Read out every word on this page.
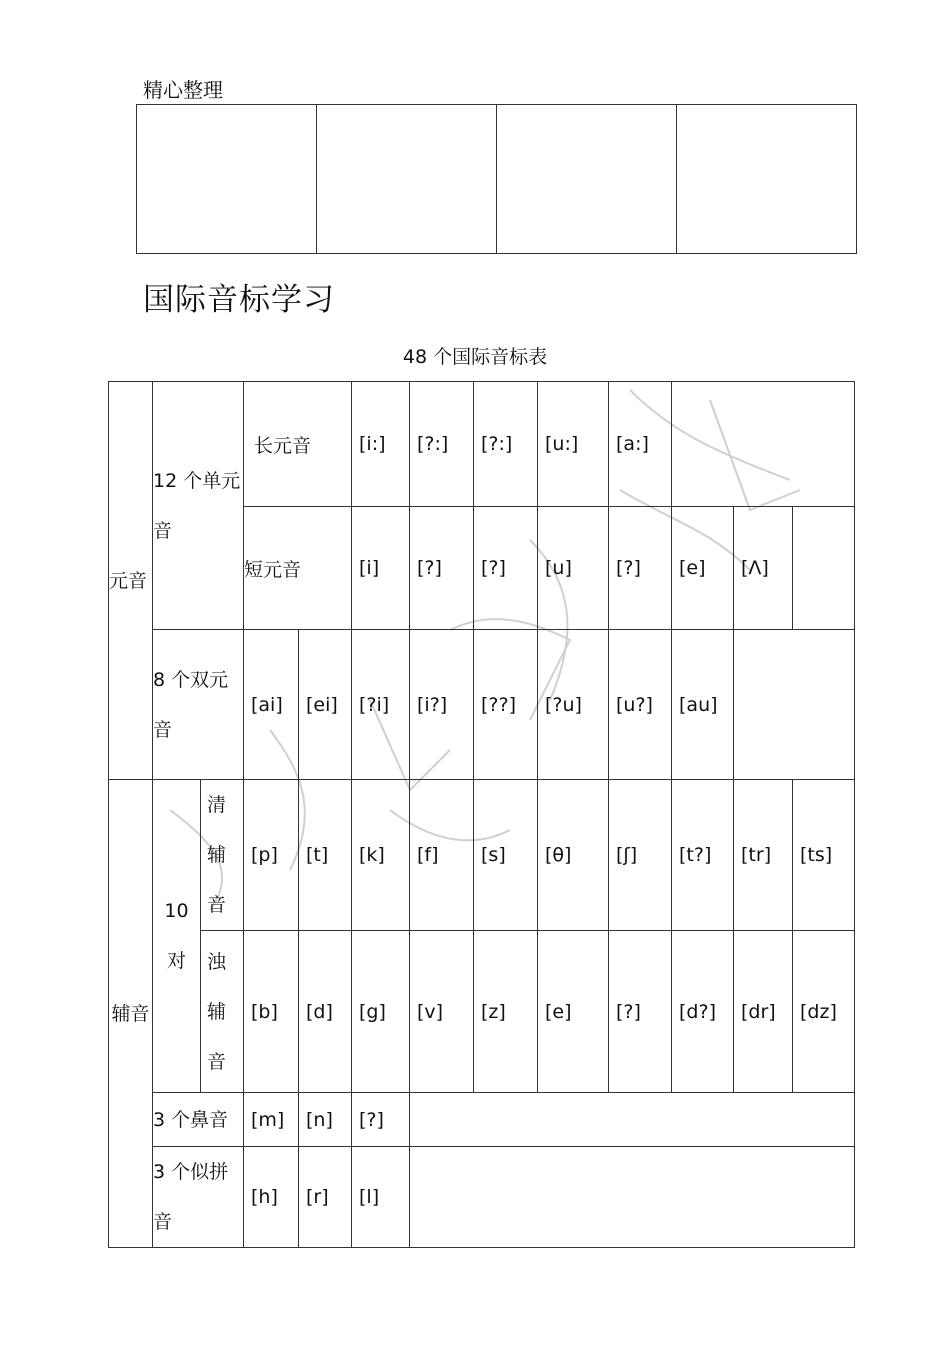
精心整理

国际音标学习
48 个国际音标表
元音	12 个单元音		长元音		[i:]	[?:]	[?:]	[u:]	[a:]			
			短元音		[i]	[?]	[?]	[u]	[?]	[e]	[Λ]	
	8 个双元音		[ai]	[ei]	[?i]	[i?]	[??]	[?u]	[u?]	[au]		
辅音	10 对	清辅音	[p]	[t]	[k]	[f]	[s]	[θ]	[ʃ]	[t?]	[tr]	[ts]
		浊辅音	[b]	[d]	[g]	[v]	[z]	[e]	[?]	[d?]	[dr]	[dz]
	3 个鼻音		[m]	[n]	[?]							
	3 个似拼音		[h]	[r]	[l]							
